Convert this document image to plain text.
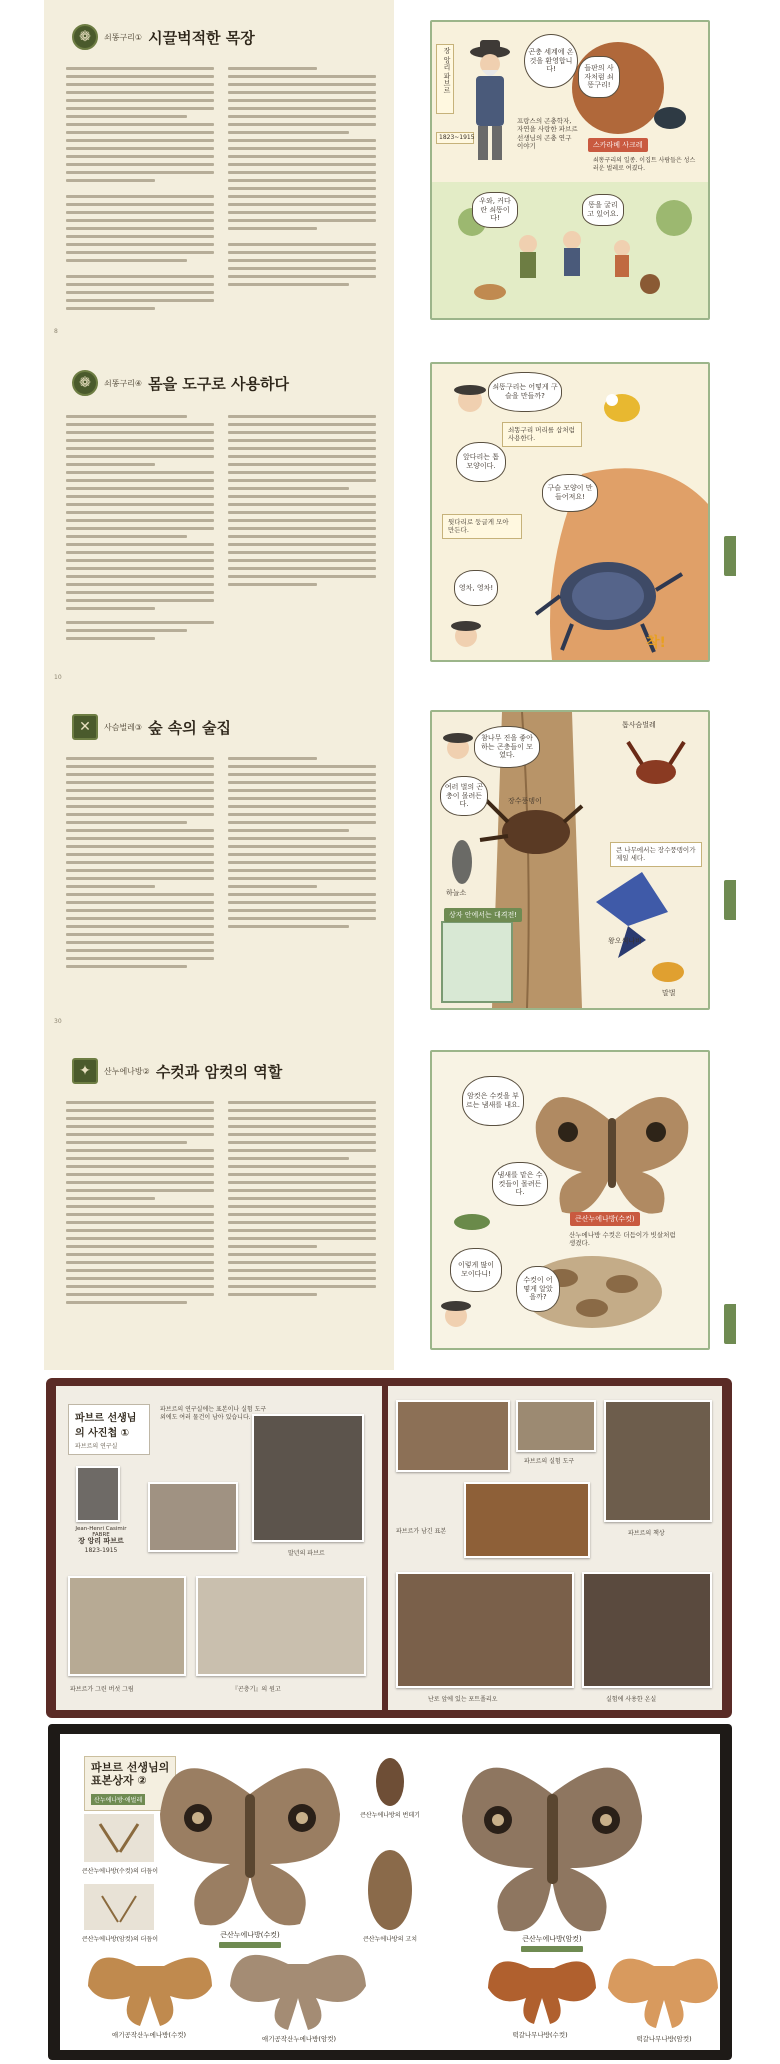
❁	쇠똥구리① 시끌벅적한 목장
8
곤충 세계에 온 것을 환영합니다!	들판의 사자처럼 쇠똥구리!
장 앙리 파브르
1823~1915
프랑스의 곤충학자, 자연을 사랑한 파브르 선생님의 곤충 연구 이야기	스카라베 사크레
쇠똥구리의 일종. 이집트 사람들은 성스러운 벌레로 여겼다.
우와, 커다란 쇠똥이다!
똥을 굴리고 있어요.
❁	쇠똥구리④ 몸을 도구로 사용하다
10
쇠똥구리는 어떻게 구슬을 만들까?
쇠똥구리 머리를 삽처럼 사용한다.
앞다리는 톱 모양이다.
구슬 모양이 만들어져요!
뒷다리로 둥글게 모아 만든다.
영차, 영차!
착!
✕	사슴벌레③ 숲 속의 술집
30
참나무 진을 좋아하는 곤충들이 모였다.
톱사슴벌레
장수풍뎅이
여러 벌의 곤충이 몰려든다.
하늘소
상자 안에서는 대격전!
왕오색나비
큰 나무에서는 장수풍뎅이가 제일 세다.
말벌
✦	산누에나방② 수컷과 암컷의 역할
암컷은 수컷을 부르는 냄새를 내요.
냄새를 맡은 수컷들이 몰려든다.
큰산누에나방(수컷)
산누에나방 수컷은 더듬이가 빗살처럼 생겼다.
이렇게 많이 모이다니!
수컷이 어떻게 알았을까?
파브르 선생님의 사진첩 ①
파브르의 연구실
파브르의 연구실에는 표본이나 실험 도구 외에도 여러 물건이 남아 있습니다.
Jean-Henri Casimir FABRE
장 앙리 파브르
1823-1915	말년의 파브르
파브르가 그린 버섯 그림	『곤충기』의 원고
파브르의 실험 도구
파브르의 책상
파브르가 남긴 표본
난로 앞에 있는 포트폴리오	실험에 사용한 온실
파브르 선생님의
표본상자 ②
산누에나방·애벌레
큰산누에나방(수컷)의 더듬이
큰산누에나방(암컷)의 더듬이
큰산누에나방(수컷)
큰산누에나방의 번데기
큰산누에나방의 고치	큰산누에나방(암컷)
애기공작산누에나방(수컷)	애기공작산누에나방(암컷)	떡갈나무나방(수컷)	떡갈나무나방(암컷)
